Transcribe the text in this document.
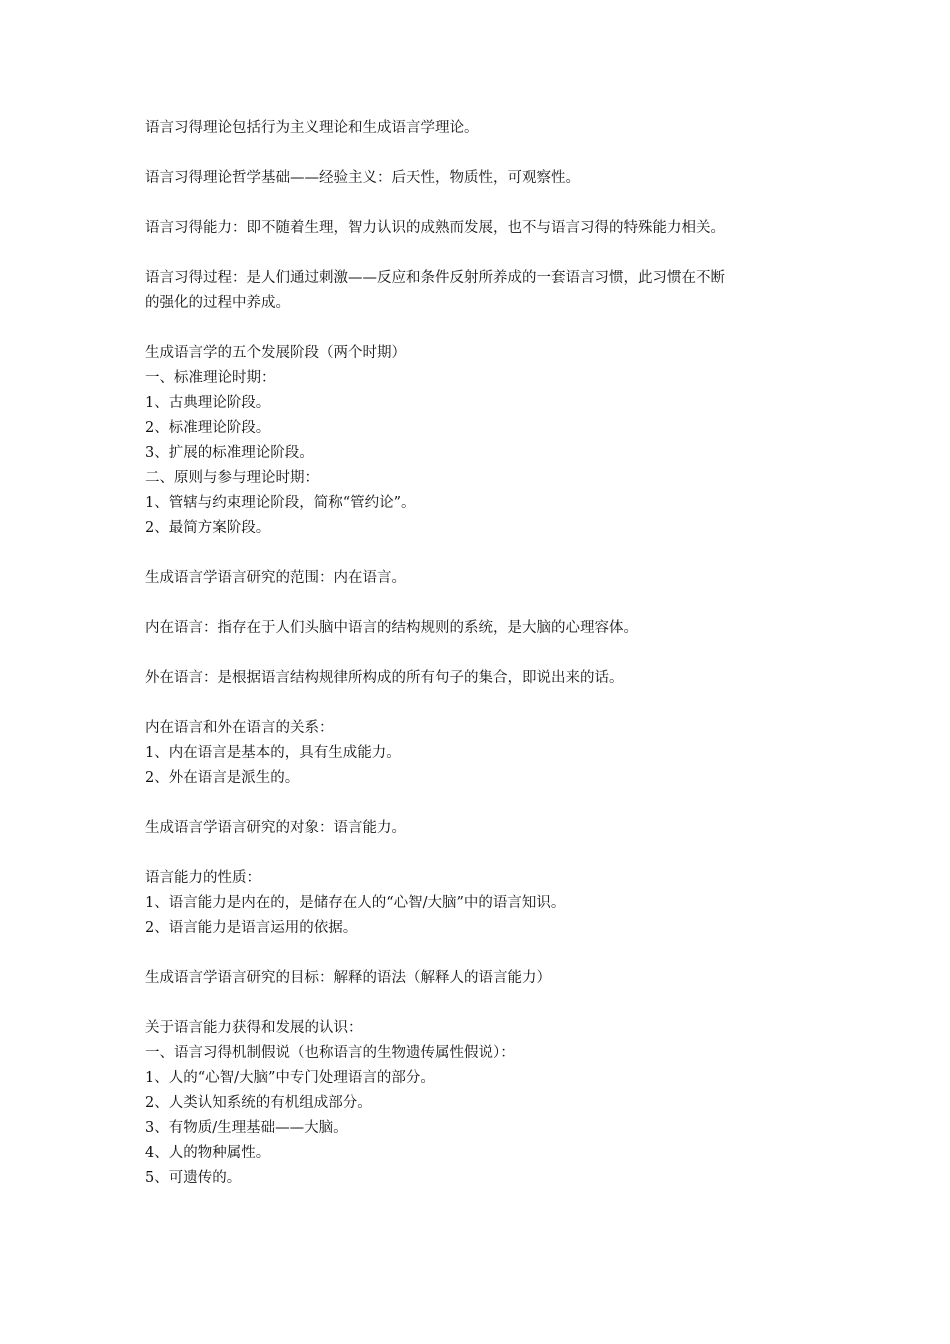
语言习得理论包括行为主义理论和生成语言学理论。
语言习得理论哲学基础——经验主义：后天性，物质性，可观察性。
语言习得能力：即不随着生理，智力认识的成熟而发展，也不与语言习得的特殊能力相关。
语言习得过程：是人们通过刺激——反应和条件反射所养成的一套语言习惯，此习惯在不断
的强化的过程中养成。
生成语言学的五个发展阶段（两个时期）
一、标准理论时期：
1、古典理论阶段。
2、标准理论阶段。
3、扩展的标准理论阶段。
二、原则与参与理论时期：
1、管辖与约束理论阶段，简称“管约论”。
2、最简方案阶段。
生成语言学语言研究的范围：内在语言。
内在语言：指存在于人们头脑中语言的结构规则的系统，是大脑的心理容体。
外在语言：是根据语言结构规律所构成的所有句子的集合，即说出来的话。
内在语言和外在语言的关系：
1、内在语言是基本的，具有生成能力。
2、外在语言是派生的。
生成语言学语言研究的对象：语言能力。
语言能力的性质：
1、语言能力是内在的，是储存在人的“心智/大脑”中的语言知识。
2、语言能力是语言运用的依据。
生成语言学语言研究的目标：解释的语法（解释人的语言能力）
关于语言能力获得和发展的认识：
一、语言习得机制假说（也称语言的生物遗传属性假说）：
1、人的“心智/大脑”中专门处理语言的部分。
2、人类认知系统的有机组成部分。
3、有物质/生理基础——大脑。
4、人的物种属性。
5、可遗传的。
